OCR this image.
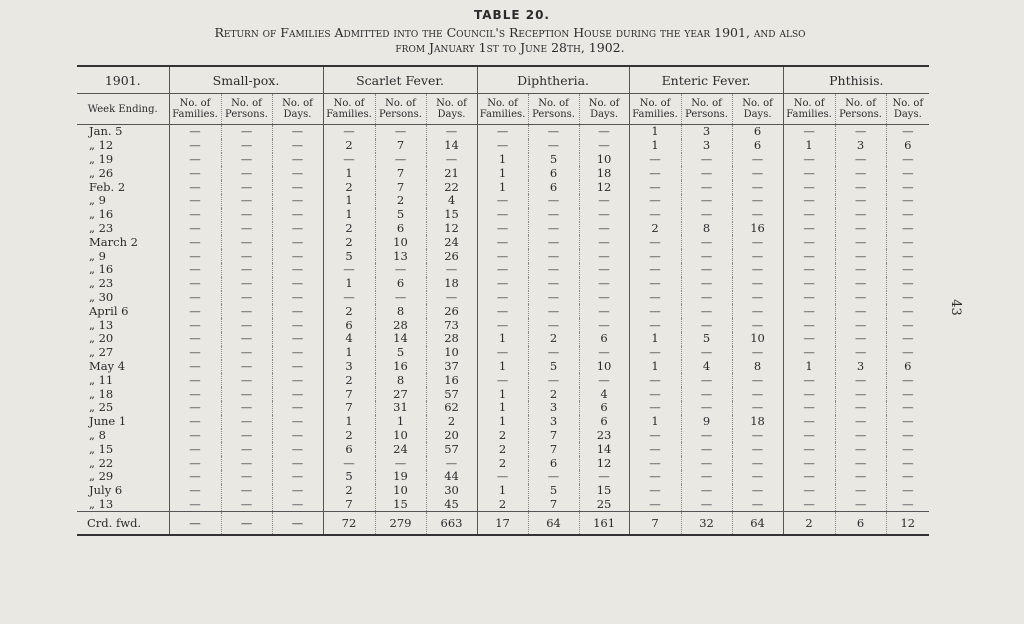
TABLE 20.
Return of Families Admitted into the Council's Reception House during the year 1901, and also
from January 1st to June 28th, 1902.
43
1901.	Small-pox.			Scarlet Fever.			Diphtheria.			Enteric Fever.			Phthisis.		
Week Ending.	No. of Families.	No. of Persons.	No. of Days.	No. of Families.	No. of Persons.	No. of Days.	No. of Families.	No. of Persons.	No. of Days.	No. of Families.	No. of Persons.	No. of Days.	No. of Families.	No. of Persons.	No. of Days.
Jan. 5	—	—	—	—	—	—	—	—	—	1	3	6	—	—	—
„ 12	—	—	—	2	7	14	—	—	—	1	3	6	1	3	6
„ 19	—	—	—	—	—	—	1	5	10	—	—	—	—	—	—
„ 26	—	—	—	1	7	21	1	6	18	—	—	—	—	—	—
Feb. 2	—	—	—	2	7	22	1	6	12	—	—	—	—	—	—
„ 9	—	—	—	1	2	4	—	—	—	—	—	—	—	—	—
„ 16	—	—	—	1	5	15	—	—	—	—	—	—	—	—	—
„ 23	—	—	—	2	6	12	—	—	—	2	8	16	—	—	—
March 2	—	—	—	2	10	24	—	—	—	—	—	—	—	—	—
„ 9	—	—	—	5	13	26	—	—	—	—	—	—	—	—	—
„ 16	—	—	—	—	—	—	—	—	—	—	—	—	—	—	—
„ 23	—	—	—	1	6	18	—	—	—	—	—	—	—	—	—
„ 30	—	—	—	—	—	—	—	—	—	—	—	—	—	—	—
April 6	—	—	—	2	8	26	—	—	—	—	—	—	—	—	—
„ 13	—	—	—	6	28	73	—	—	—	—	—	—	—	—	—
„ 20	—	—	—	4	14	28	1	2	6	1	5	10	—	—	—
„ 27	—	—	—	1	5	10	—	—	—	—	—	—	—	—	—
May 4	—	—	—	3	16	37	1	5	10	1	4	8	1	3	6
„ 11	—	—	—	2	8	16	—	—	—	—	—	—	—	—	—
„ 18	—	—	—	7	27	57	1	2	4	—	—	—	—	—	—
„ 25	—	—	—	7	31	62	1	3	6	—	—	—	—	—	—
June 1	—	—	—	1	1	2	1	3	6	1	9	18	—	—	—
„ 8	—	—	—	2	10	20	2	7	23	—	—	—	—	—	—
„ 15	—	—	—	6	24	57	2	7	14	—	—	—	—	—	—
„ 22	—	—	—	—	—	—	2	6	12	—	—	—	—	—	—
„ 29	—	—	—	5	19	44	—	—	—	—	—	—	—	—	—
July 6	—	—	—	2	10	30	1	5	15	—	—	—	—	—	—
„ 13	—	—	—	7	15	45	2	7	25	—	—	—	—	—	—
Crd. fwd.	—	—	—	72	279	663	17	64	161	7	32	64	2	6	12
